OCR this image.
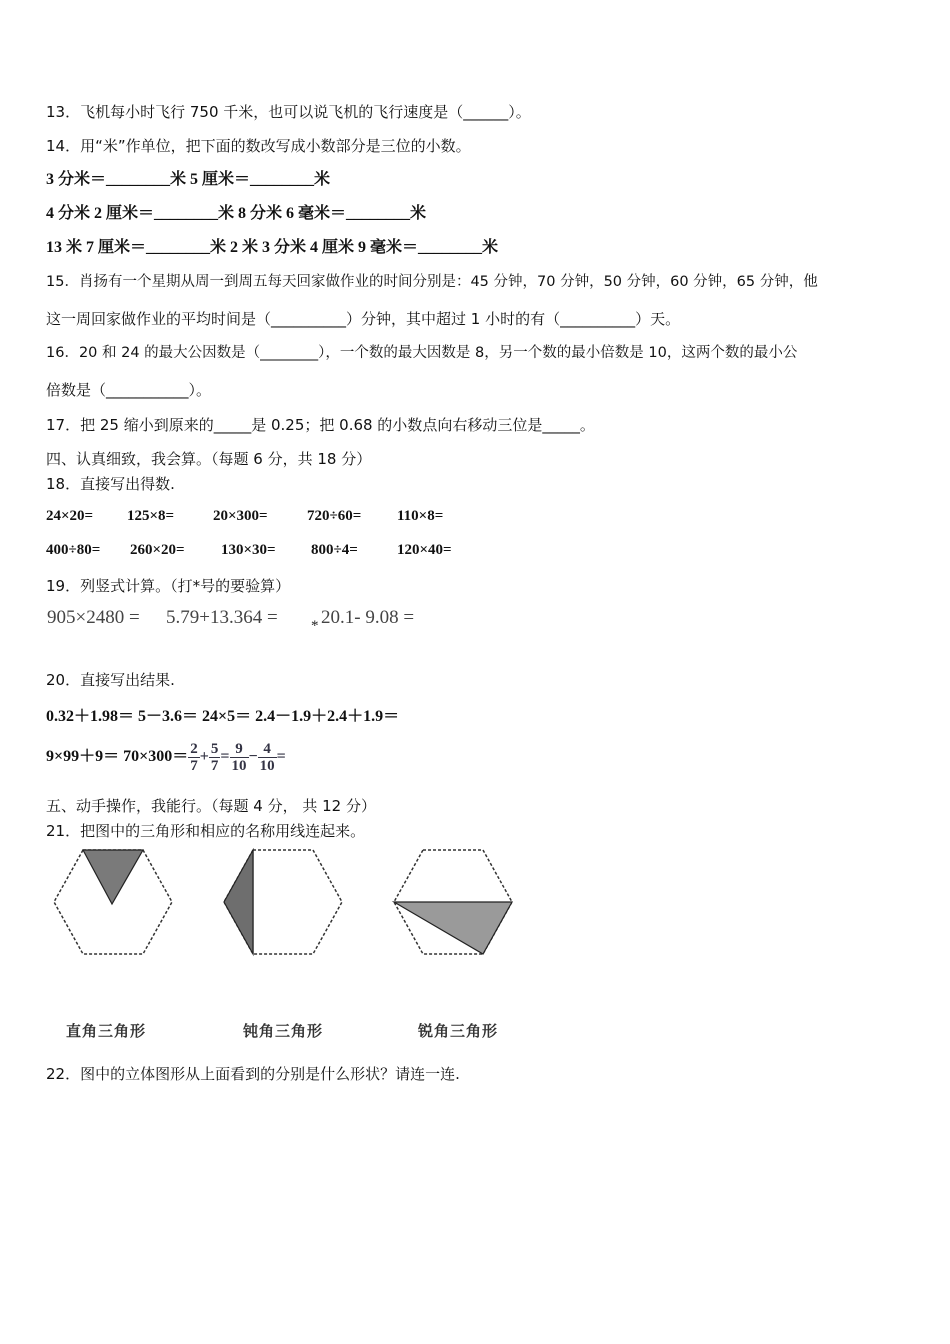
13．飞机每小时飞行 750 千米，也可以说飞机的飞行速度是（______）。
14．用“米”作单位，把下面的数改写成小数部分是三位的小数。
3 分米＝________米 5 厘米＝________米
4 分米 2 厘米＝________米 8 分米 6 毫米＝________米
13 米 7 厘米＝________米 2 米 3 分米 4 厘米 9 毫米＝________米
15．肖扬有一个星期从周一到周五每天回家做作业的时间分别是：45 分钟，70 分钟，50 分钟，60 分钟，65 分钟，他
这一周回家做作业的平均时间是（__________）分钟，其中超过 1 小时的有（__________）天。
16．20 和 24 的最大公因数是（________），一个数的最大因数是 8，另一个数的最小倍数是 10，这两个数的最小公
倍数是（___________）。
17．把 25 缩小到原来的_____是 0.25；把 0.68 的小数点向右移动三位是_____。
四、认真细致，我会算。（每题 6 分，共 18 分）
18．直接写出得数.
24×20= 125×8=	20×300=	720÷60= 110×8=
400÷80= 260×20= 130×30= 800÷4=	120×40=
19．列竖式计算。（打*号的要验算）
905×2480 = 5.79+13.364 = * 20.1- 9.08 =
20．直接写出结果.
0.32＋1.98＝ 5－3.6＝ 24×5＝ 2.4－1.9＋2.4＋1.9＝
$9\times 99+9= 70\times 300= \frac{2}{7} + \frac{5}{7} = \frac{9}{10} - \frac{4}{10}$ =
五、动手操作，我能行。（每题 4 分， 共 12 分）
21．把图中的三角形和相应的名称用线连起来。
直角三角形	钝角三角形	锐角三角形
22．图中的立体图形从上面看到的分别是什么形状？请连一连.
